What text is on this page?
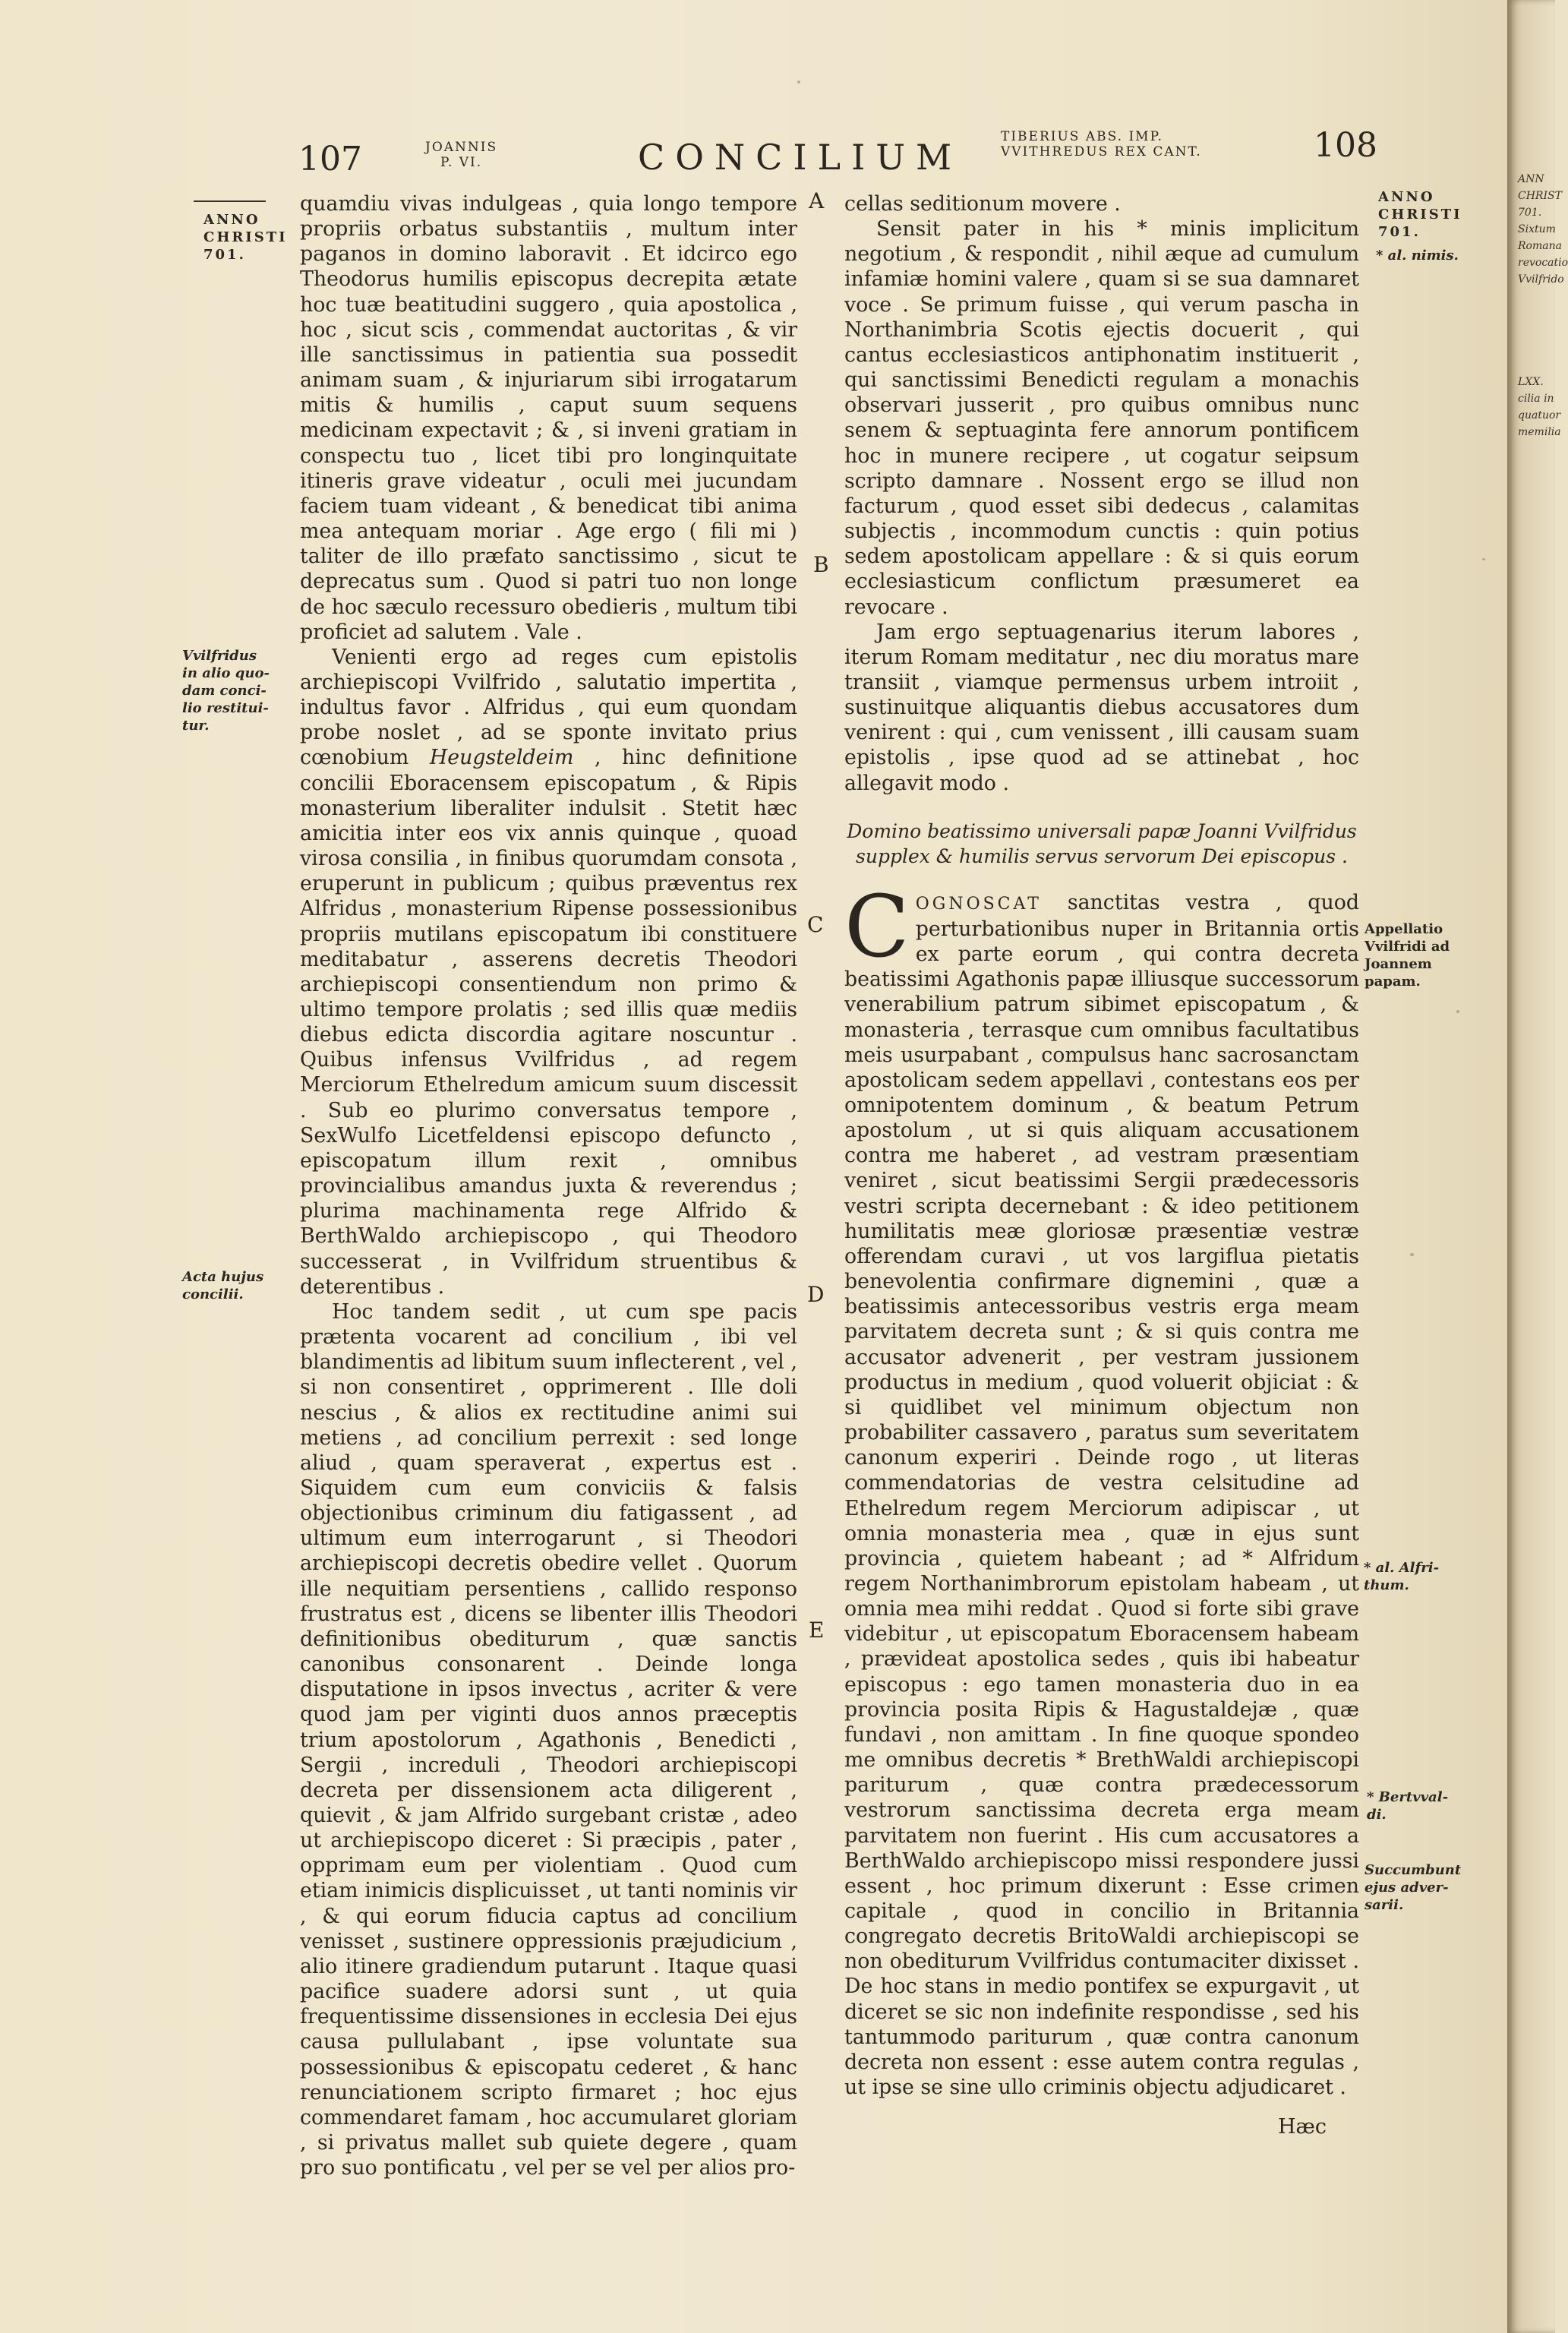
107	JOANNIS
P. VI.	CONCILIUM	TIBERIUS ABS. IMP.
VVITHREDUS REX CANT.	108
ANNO
CHRISTI
701.
Vvilfridus
in alio quo-
dam conci-
lio restitui-
tur.
Acta hujus
concilii.
A
B
C
D
E

quamdiu vivas indulgeas , quia longo tempore propriis orbatus substantiis , multum inter paganos in domino laboravit . Et idcirco ego Theodorus humilis episcopus decrepita ætate hoc tuæ beatitudini suggero , quia apostolica , hoc , sicut scis , commendat auctoritas , & vir ille sanctissimus in patientia sua possedit animam suam , & injuriarum sibi irrogatarum mitis & humilis , caput suum sequens medicinam expectavit ; & , si inveni gratiam in conspectu tuo , licet tibi pro longinquitate itineris grave videatur , oculi mei jucundam faciem tuam videant , & benedicat tibi anima mea antequam moriar . Age ergo ( fili mi ) taliter de illo præfato sanctissimo , sicut te deprecatus sum . Quod si patri tuo non longe de hoc sæculo recessuro obedieris , multum tibi proficiet ad salutem . Vale .

Venienti ergo ad reges cum epistolis archiepiscopi Vvilfrido , salutatio impertita , indultus favor . Alfridus , qui eum quondam probe noslet , ad se sponte invitato prius cœnobium Heugsteldeim , hinc definitione concilii Eboracensem episcopatum , & Ripis monasterium liberaliter indulsit . Stetit hæc amicitia inter eos vix annis quinque , quoad virosa consilia , in finibus quorumdam consota , eruperunt in publicum ; quibus præventus rex Alfridus , monasterium Ripense possessionibus propriis mutilans episcopatum ibi constituere meditabatur , asserens decretis Theodori archiepiscopi consentiendum non primo & ultimo tempore prolatis ; sed illis quæ mediis diebus edicta discordia agitare noscuntur . Quibus infensus Vvilfridus , ad regem Merciorum Ethelredum amicum suum discessit . Sub eo plurimo conversatus tempore , SexWulfo Licetfeldensi episcopo defuncto , episcopatum illum rexit , omnibus provincialibus amandus juxta & reverendus ; plurima machinamenta rege Alfrido & BerthWaldo archiepiscopo , qui Theodoro successerat , in Vvilfridum struentibus & deterentibus .

Hoc tandem sedit , ut cum spe pacis prætenta vocarent ad concilium , ibi vel blandimentis ad libitum suum inflecterent , vel , si non consentiret , opprimerent . Ille doli nescius , & alios ex rectitudine animi sui metiens , ad concilium perrexit : sed longe aliud , quam speraverat , expertus est . Siquidem cum eum conviciis & falsis objectionibus criminum diu fatigassent , ad ultimum eum interrogarunt , si Theodori archiepiscopi decretis obedire vellet . Quorum ille nequitiam persentiens , callido responso frustratus est , dicens se libenter illis Theodori definitionibus obediturum , quæ sanctis canonibus consonarent . Deinde longa disputatione in ipsos invectus , acriter & vere quod jam per viginti duos annos præceptis trium apostolorum , Agathonis , Benedicti , Sergii , increduli , Theodori archiepiscopi decreta per dissensionem acta diligerent , quievit , & jam Alfrido surgebant cristæ , adeo ut archiepiscopo diceret : Si præcipis , pater , opprimam eum per violentiam . Quod cum etiam inimicis displicuisset , ut tanti nominis vir , & qui eorum fiducia captus ad concilium venisset , sustinere oppressionis præjudicium , alio itinere gradiendum putarunt . Itaque quasi pacifice suadere adorsi sunt , ut quia frequentissime dissensiones in ecclesia Dei ejus causa pullulabant , ipse voluntate sua possessionibus & episcopatu cederet , & hanc renunciationem scripto firmaret ; hoc ejus commendaret famam , hoc accumularet gloriam , si privatus mallet sub quiete degere , quam pro suo pontificatu , vel per se vel per alios pro-

cellas seditionum movere .

Sensit pater in his * minis implicitum negotium , & respondit , nihil æque ad cumulum infamiæ homini valere , quam si se sua damnaret voce . Se primum fuisse , qui verum pascha in Northanimbria Scotis ejectis docuerit , qui cantus ecclesiasticos antiphonatim instituerit , qui sanctissimi Benedicti regulam a monachis observari jusserit , pro quibus omnibus nunc senem & septuaginta fere annorum pontificem hoc in munere recipere , ut cogatur seipsum scripto damnare . Nossent ergo se illud non facturum , quod esset sibi dedecus , calamitas subjectis , incommodum cunctis : quin potius sedem apostolicam appellare : & si quis eorum ecclesiasticum conflictum præsumeret ea revocare .

Jam ergo septuagenarius iterum labores , iterum Romam meditatur , nec diu moratus mare transiit , viamque permensus urbem introiit , sustinuitque aliquantis diebus accusatores dum venirent : qui , cum venissent , illi causam suam epistolis , ipse quod ad se attinebat , hoc allegavit modo .

Domino beatissimo universali papæ Joanni Vvilfridus supplex & humilis servus servorum Dei episcopus .

COGNOSCAT sanctitas vestra , quod perturbationibus nuper in Britannia ortis ex parte eorum , qui contra decreta beatissimi Agathonis papæ illiusque successorum venerabilium patrum sibimet episcopatum , & monasteria , terrasque cum omnibus facultatibus meis usurpabant , compulsus hanc sacrosanctam apostolicam sedem appellavi , contestans eos per omnipotentem dominum , & beatum Petrum apostolum , ut si quis aliquam accusationem contra me haberet , ad vestram præsentiam veniret , sicut beatissimi Sergii prædecessoris vestri scripta decernebant : & ideo petitionem humilitatis meæ gloriosæ præsentiæ vestræ offerendam curavi , ut vos largiflua pietatis benevolentia confirmare dignemini , quæ a beatissimis antecessoribus vestris erga meam parvitatem decreta sunt ; & si quis contra me accusator advenerit , per vestram jussionem productus in medium , quod voluerit objiciat : & si quidlibet vel minimum objectum non probabiliter cassavero , paratus sum severitatem canonum experiri . Deinde rogo , ut literas commendatorias de vestra celsitudine ad Ethelredum regem Merciorum adipiscar , ut omnia monasteria mea , quæ in ejus sunt provincia , quietem habeant ; ad * Alfridum regem Northanimbrorum epistolam habeam , ut omnia mea mihi reddat . Quod si forte sibi grave videbitur , ut episcopatum Eboracensem habeam , prævideat apostolica sedes , quis ibi habeatur episcopus : ego tamen monasteria duo in ea provincia posita Ripis & Hagustaldejæ , quæ fundavi , non amittam . In fine quoque spondeo me omnibus decretis * BrethWaldi archiepiscopi pariturum , quæ contra prædecessorum vestrorum sanctissima decreta erga meam parvitatem non fuerint . His cum accusatores a BerthWaldo archiepiscopo missi respondere jussi essent , hoc primum dixerunt : Esse crimen capitale , quod in concilio in Britannia congregato decretis BritoWaldi archiepiscopi se non obediturum Vvilfridus contumaciter dixisset . De hoc stans in medio pontifex se expurgavit , ut diceret se sic non indefinite respondisse , sed his tantummodo pariturum , quæ contra canonum decreta non essent : esse autem contra regulas , ut ipse se sine ullo criminis objectu adjudicaret .

Hæc
ANNO
CHRISTI
701.
* al. nimis.
Appellatio
Vvilfridi ad
Joannem
papam.
* al. Alfri-
thum.
* Bertvval-
di.
Succumbunt
ejus adver-
sarii.
ANN
CHRIST
701.
Sixtum
Romana
revocatio
Vvilfrido
LXX.
cilia in
quatuor
memilia
